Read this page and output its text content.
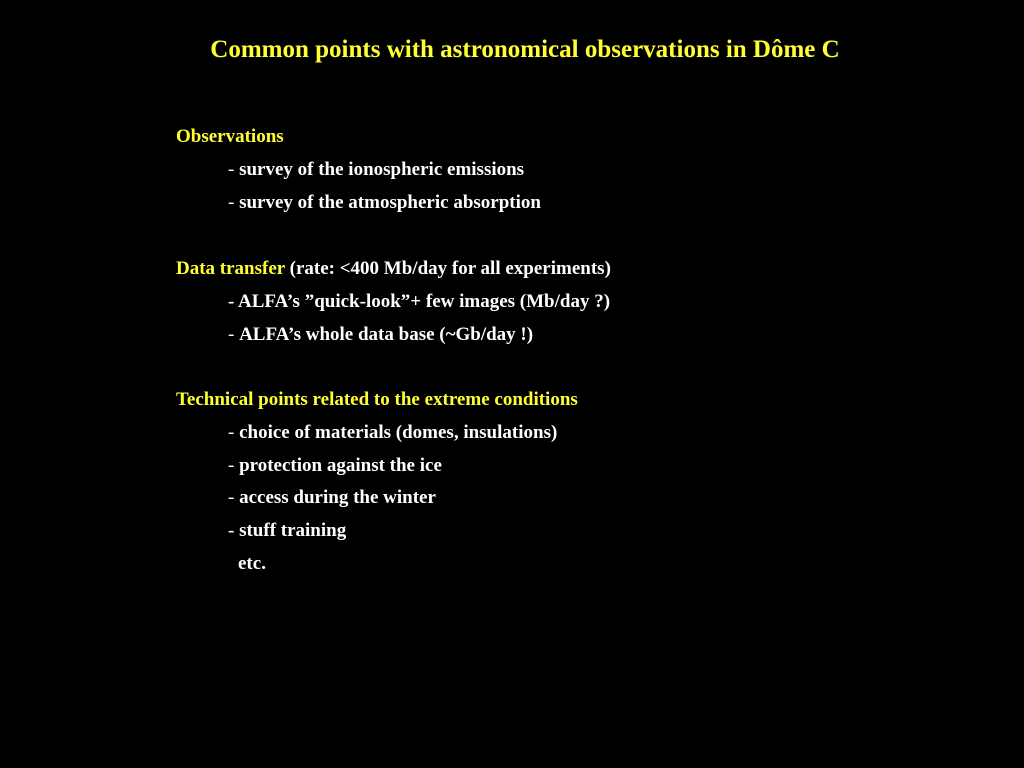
Common points with astronomical observations in Dôme C
Observations
- survey of the ionospheric emissions
- survey of the atmospheric absorption
Data transfer (rate: <400 Mb/day for all experiments)
- ALFA’s ”quick-look”+ few images (Mb/day ?)
- ALFA’s whole data base (~Gb/day !)
Technical points related to the extreme conditions
- choice of materials (domes, insulations)
- protection against the ice
- access during the winter
- stuff training
etc.
